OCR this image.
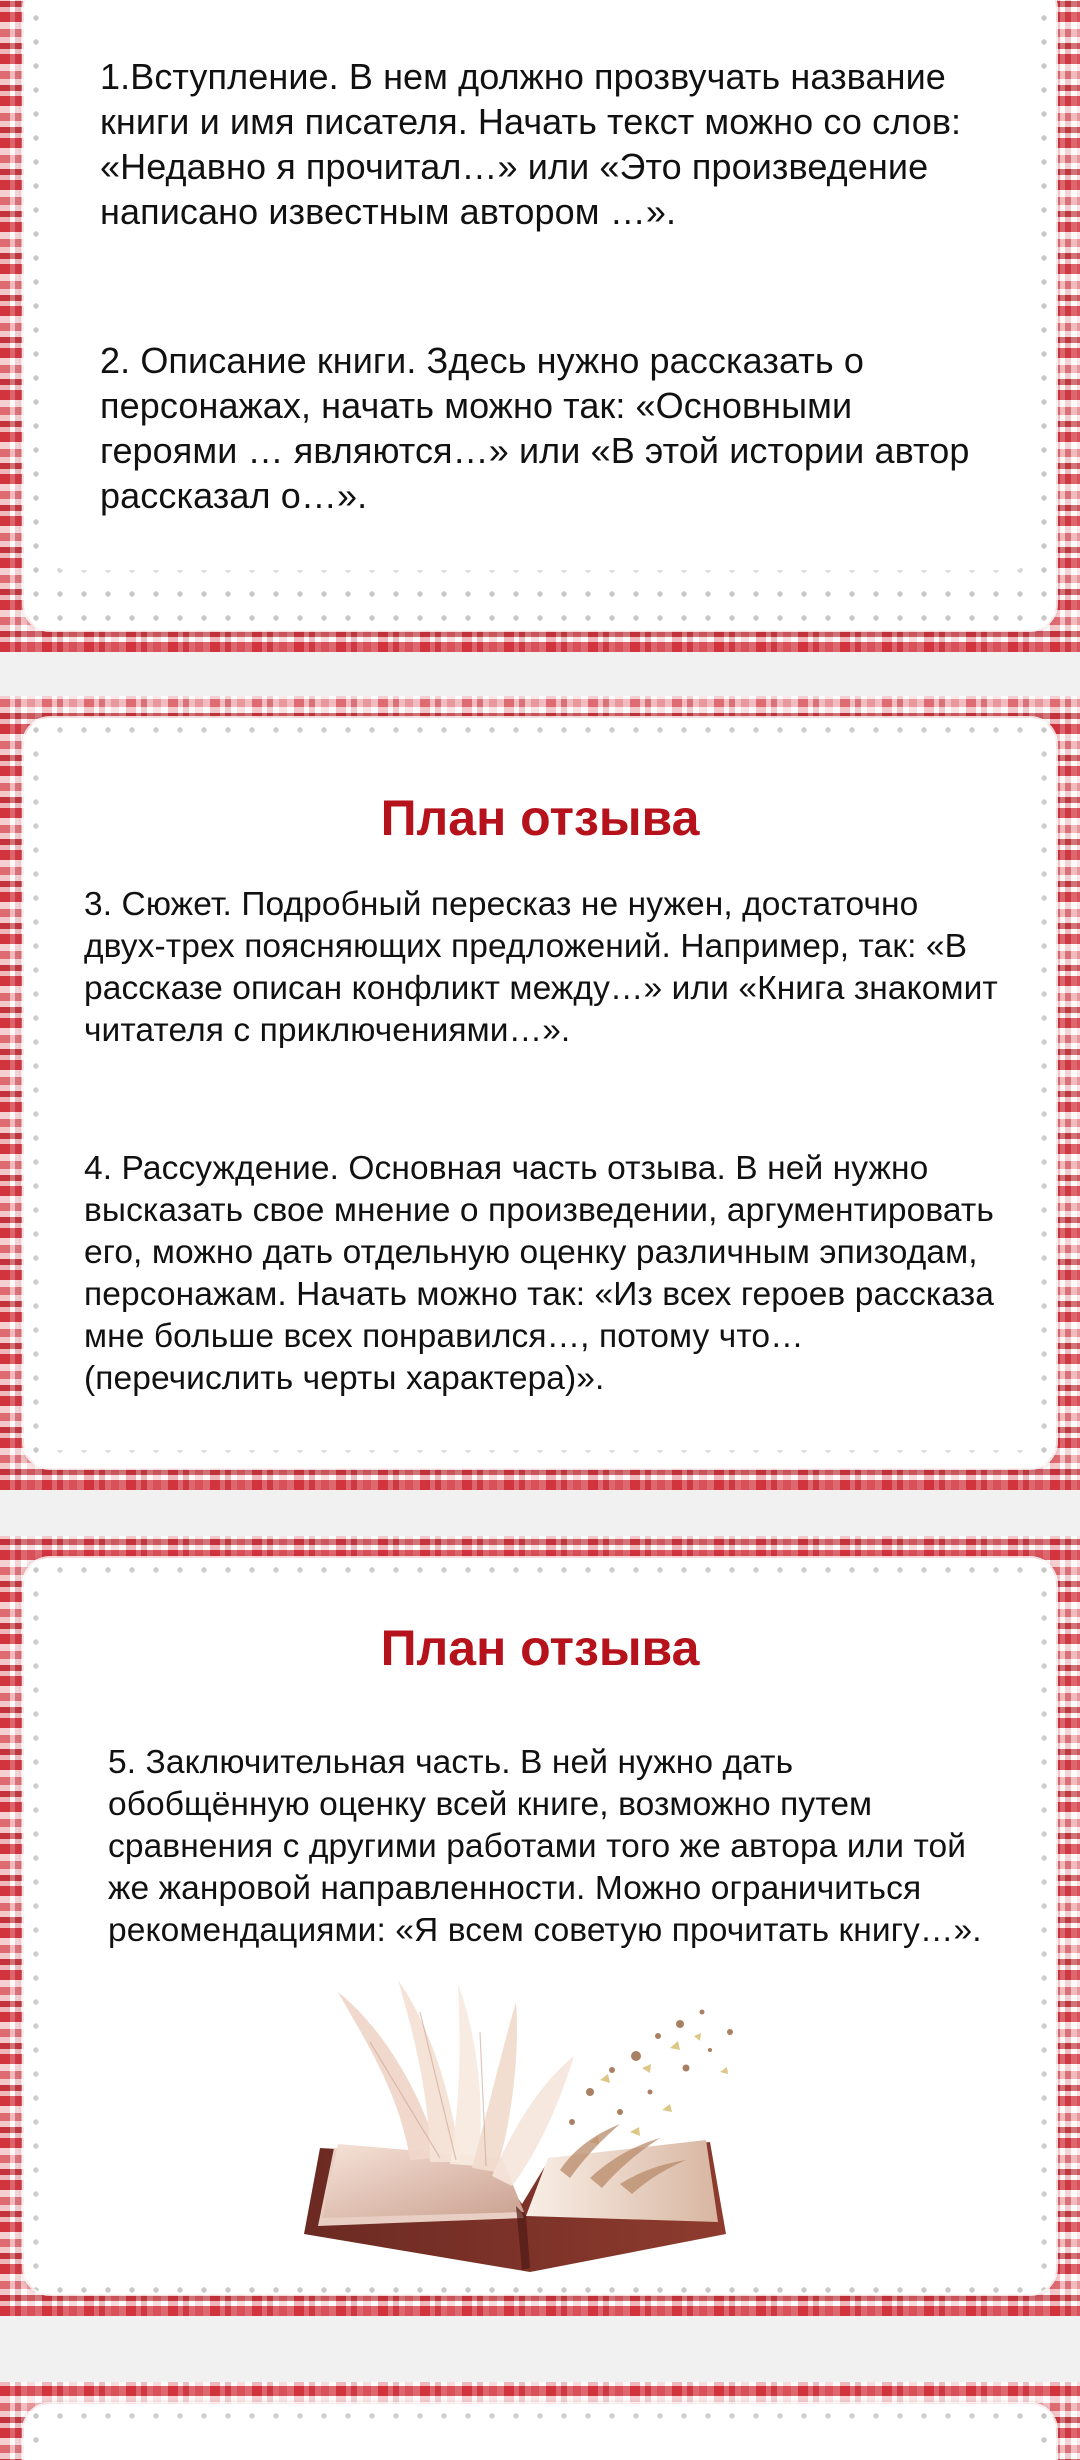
1.Вступление. В нем должно прозвучать название книги и имя писателя. Начать текст можно со слов: «Недавно я прочитал…» или «Это произведение написано известным автором …».

2. Описание книги. Здесь нужно рассказать о персонажах, начать можно так: «Основными героями … являются…» или «В этой истории автор рассказал о…».

План отзыва

3. Сюжет. Подробный пересказ не нужен, достаточно двух-трех поясняющих предложений. Например, так: «В рассказе описан конфликт между…» или «Книга знакомит читателя с приключениями…».

4. Рассуждение. Основная часть отзыва. В ней нужно высказать свое мнение о произведении, аргументировать его, можно дать отдельную оценку различным эпизодам, персонажам. Начать можно так: «Из всех героев рассказа мне больше всех понравился…, потому что… (перечислить черты характера)».

План отзыва

5. Заключительная часть. В ней нужно дать обобщённую оценку всей книге, возможно путем сравнения с другими работами того же автора или той же жанровой направленности. Можно ограничиться рекомендациями: «Я всем советую прочитать книгу…».
